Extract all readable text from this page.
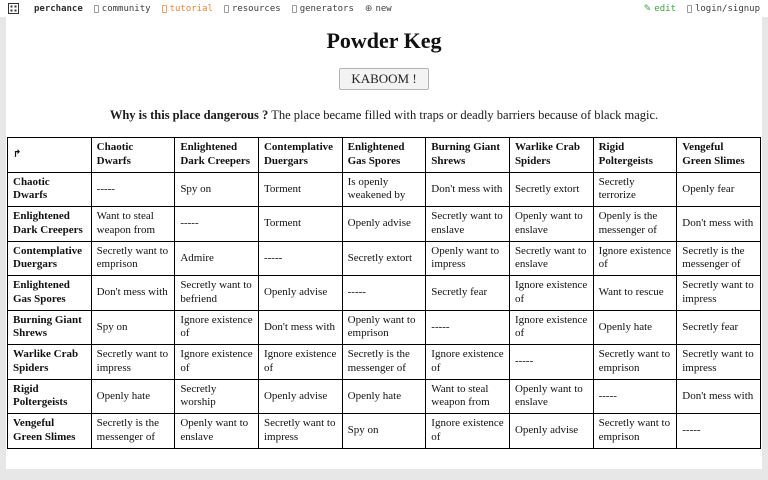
perchance community tutorial resources generators ⊕ new	✎ edit login/signup
Powder Keg
KABOOM !

Why is this place dangerous ? The place became filled with traps or deadly barriers because of black magic.

↱	Chaotic Dwarfs	Enlightened Dark Creepers	Contemplative Duergars	Enlightened Gas Spores	Burning Giant Shrews	Warlike Crab Spiders	Rigid Poltergeists	Vengeful Green Slimes
Chaotic Dwarfs	-----	Spy on	Torment	Is openly weakened by	Don't mess with	Secretly extort	Secretly terrorize	Openly fear
Enlightened Dark Creepers	Want to steal weapon from	-----	Torment	Openly advise	Secretly want to enslave	Openly want to enslave	Openly is the messenger of	Don't mess with
Contemplative Duergars	Secretly want to emprison	Admire	-----	Secretly extort	Openly want to impress	Secretly want to enslave	Ignore existence of	Secretly is the messenger of
Enlightened Gas Spores	Don't mess with	Secretly want to befriend	Openly advise	-----	Secretly fear	Ignore existence of	Want to rescue	Secretly want to impress
Burning Giant Shrews	Spy on	Ignore existence of	Don't mess with	Openly want to emprison	-----	Ignore existence of	Openly hate	Secretly fear
Warlike Crab Spiders	Secretly want to impress	Ignore existence of	Ignore existence of	Secretly is the messenger of	Ignore existence of	-----	Secretly want to emprison	Secretly want to impress
Rigid Poltergeists	Openly hate	Secretly worship	Openly advise	Openly hate	Want to steal weapon from	Openly want to enslave	-----	Don't mess with
Vengeful Green Slimes	Secretly is the messenger of	Openly want to enslave	Secretly want to impress	Spy on	Ignore existence of	Openly advise	Secretly want to emprison	-----
